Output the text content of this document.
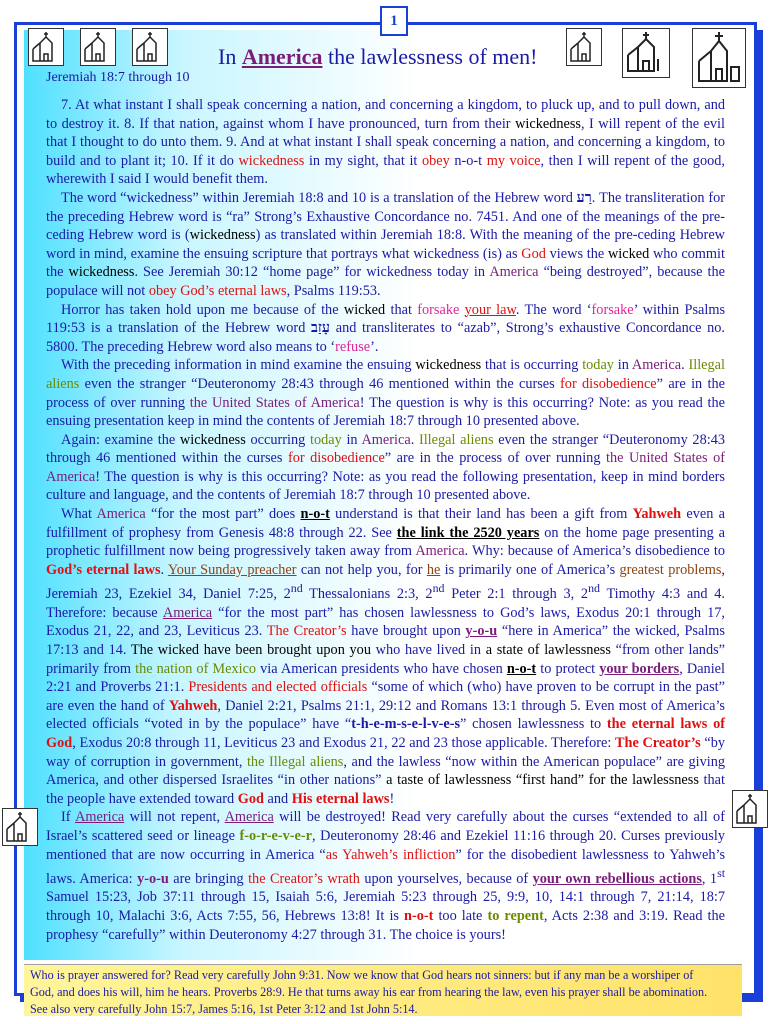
1
In America the lawlessness of men!
Jeremiah 18:7 through 10

7. At what instant I shall speak concerning a nation, and concerning a kingdom, to pluck up, and to pull down, and to destroy it. 8. If that nation, against whom I have pronounced, turn from their wickedness, I will repent of the evil that I thought to do unto them. 9. And at what instant I shall speak concerning a nation, and concerning a kingdom, to build and to plant it; 10. If it do wickedness in my sight, that it obey n-o-t my voice, then I will repent of the good, wherewith I said I would benefit them.

The word “wickedness” within Jeremiah 18:8 and 10 is a translation of the Hebrew word רַע. The transliteration for the preceding Hebrew word is “ra” Strong’s Exhaustive Concordance no. 7451. And one of the meanings of the pre-ceding Hebrew word is (wickedness) as translated within Jeremiah 18:8. With the meaning of the pre-ceding Hebrew word in mind, examine the ensuing scripture that portrays what wickedness (is) as God views the wicked who commit the wickedness. See Jeremiah 30:12 “home page” for wickedness today in America “being destroyed”, because the populace will not obey God’s eternal laws, Psalms 119:53.

Horror has taken hold upon me because of the wicked that forsake your law. The word ‘forsake’ within Psalms 119:53 is a translation of the Hebrew word עָזַב and transliterates to “azab”, Strong’s exhaustive Concordance no. 5800. The preceding Hebrew word also means to ‘refuse’.

With the preceding information in mind examine the ensuing wickedness that is occurring today in America. Illegal aliens even the stranger “Deuteronomy 28:43 through 46 mentioned within the curses for disobedience” are in the process of over running the United States of America! The question is why is this occurring? Note: as you read the ensuing presentation keep in mind the contents of Jeremiah 18:7 through 10 presented above.

Again: examine the wickedness occurring today in America. Illegal aliens even the stranger “Deuteronomy 28:43 through 46 mentioned within the curses for disobedience” are in the process of over running the United States of America! The question is why is this occurring? Note: as you read the following presentation, keep in mind borders culture and language, and the contents of Jeremiah 18:7 through 10 presented above.

What America “for the most part” does n-o-t understand is that their land has been a gift from Yahweh even a fulfillment of prophesy from Genesis 48:8 through 22. See the link the 2520 years on the home page presenting a prophetic fulfillment now being progressively taken away from America. Why: because of America’s disobedience to God’s eternal laws. Your Sunday preacher can not help you, for he is primarily one of America’s greatest problems, Jeremiah 23, Ezekiel 34, Daniel 7:25, 2nd Thessalonians 2:3, 2nd Peter 2:1 through 3, 2nd Timothy 4:3 and 4. Therefore: because America “for the most part” has chosen lawlessness to God’s laws, Exodus 20:1 through 17, Exodus 21, 22, and 23, Leviticus 23. The Creator’s have brought upon y-o-u “here in America” the wicked, Psalms 17:13 and 14. The wicked have been brought upon you who have lived in a state of lawlessness “from other lands” primarily from the nation of Mexico via American presidents who have chosen n-o-t to protect your borders, Daniel 2:21 and Proverbs 21:1. Presidents and elected officials “some of which (who) have proven to be corrupt in the past” are even the hand of Yahweh, Daniel 2:21, Psalms 21:1, 29:12 and Romans 13:1 through 5. Even most of America’s elected officials “voted in by the populace” have “t-h-e-m-s-e-l-v-e-s” chosen lawlessness to the eternal laws of God, Exodus 20:8 through 11, Leviticus 23 and Exodus 21, 22 and 23 those applicable. Therefore: The Creator’s “by way of corruption in government, the Illegal aliens, and the lawless “now within the American populace” are giving America, and other dispersed Israelites “in other nations” a taste of lawlessness “first hand” for the lawlessness that the people have extended toward God and His eternal laws!

If America will not repent, America will be destroyed! Read very carefully about the curses “extended to all of Israel’s scattered seed or lineage f-o-r-e-v-e-r, Deuteronomy 28:46 and Ezekiel 11:16 through 20. Curses previously mentioned that are now occurring in America “as Yahweh’s infliction” for the disobedient lawlessness to Yahweh’s laws. America: y-o-u are bringing the Creator’s wrath upon yourselves, because of your own rebellious actions, 1st Samuel 15:23, Job 37:11 through 15, Isaiah 5:6, Jeremiah 5:23 through 25, 9:9, 10, 14:1 through 7, 21:14, 18:7 through 10, Malachi 3:6, Acts 7:55, 56, Hebrews 13:8! It is n-o-t too late to repent, Acts 2:38 and 3:19. Read the prophesy “carefully” within Deuteronomy 4:27 through 31. The choice is yours!

Who is prayer answered for? Read very carefully John 9:31. Now we know that God hears not sinners: but if any man be a worshiper of
God, and does his will, him he hears. Proverbs 28:9. He that turns away his ear from hearing the law, even his prayer shall be abomination.
See also very carefully John 15:7, James 5:16, 1st Peter 3:12 and 1st John 5:14.
